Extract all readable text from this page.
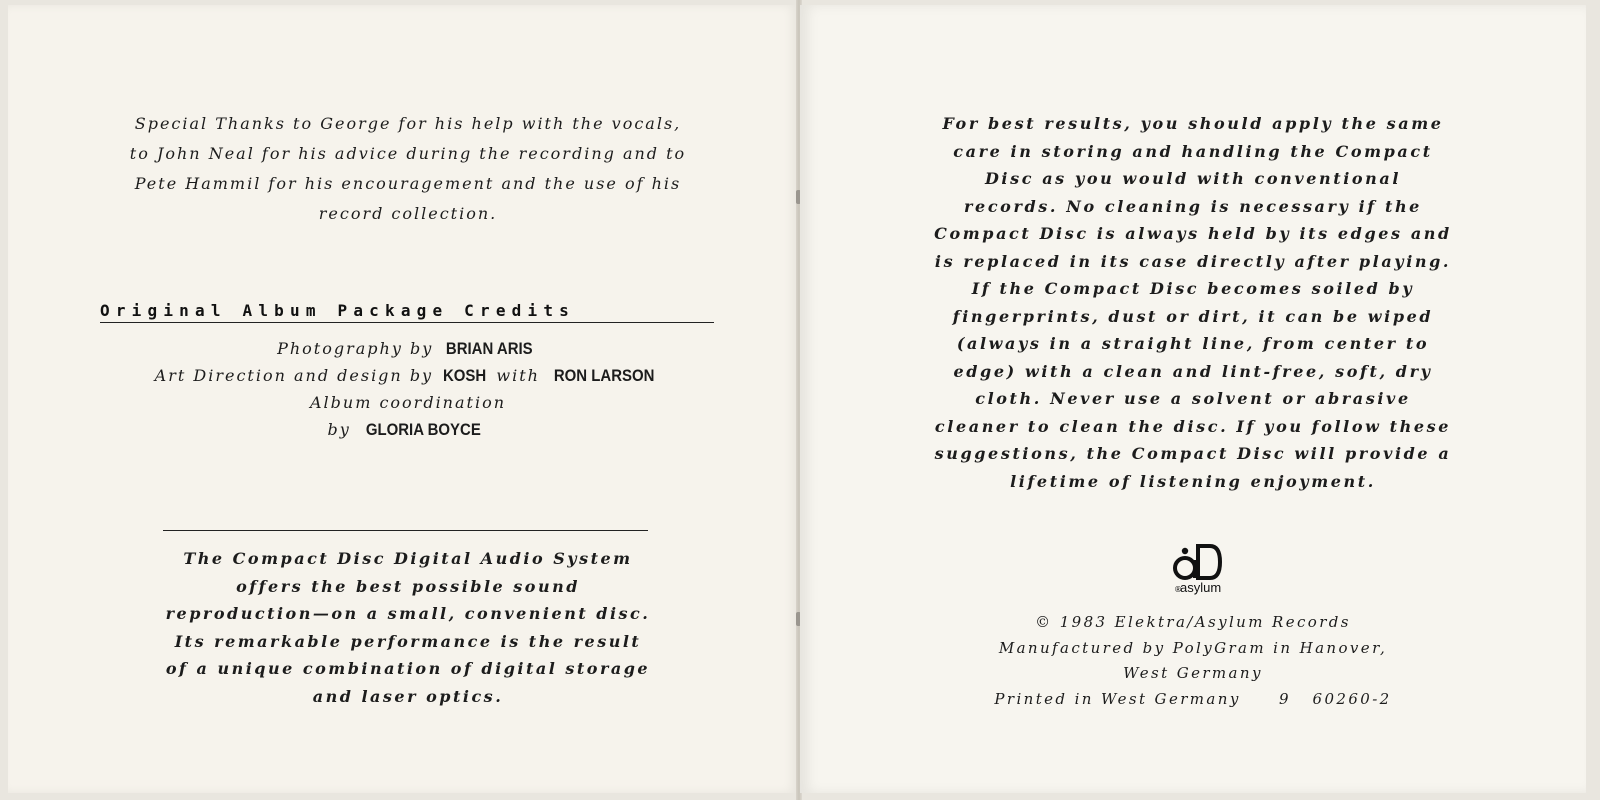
Special Thanks to George for his help with the vocals,
to John Neal for his advice during the recording and to
Pete Hammil for his encouragement and the use of his
record collection.
Original Album Package Credits
Photography by BRIAN ARIS
Art Direction and design by KOSH with RON LARSON
Album coordination
by GLORIA BOYCE
The Compact Disc Digital Audio System
offers the best possible sound
reproduction—on a small, convenient disc.
Its remarkable performance is the result
of a unique combination of digital storage
and laser optics.
For best results, you should apply the same
care in storing and handling the Compact
Disc as you would with conventional
records. No cleaning is necessary if the
Compact Disc is always held by its edges and
is replaced in its case directly after playing.
If the Compact Disc becomes soiled by
fingerprints, dust or dirt, it can be wiped
(always in a straight line, from center to
edge) with a clean and lint-free, soft, dry
cloth. Never use a solvent or abrasive
cleaner to clean the disc. If you follow these
suggestions, the Compact Disc will provide a
lifetime of listening enjoyment.
®
asylum
© 1983 Elektra/Asylum Records
Manufactured by PolyGram in Hanover,
West Germany
Printed in West Germany	9   60260-2
